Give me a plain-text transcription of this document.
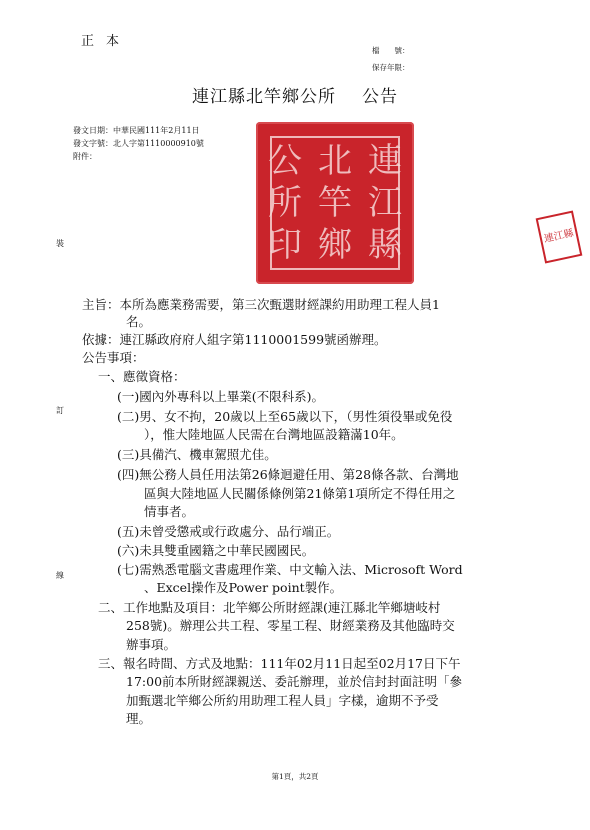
正本
檔　　號：
保存年限：
連江縣北竿鄉公所 公告
發文日期：中華民國111年2月11日
發文字號：北人字第1110000910號
附件：	連
江
縣
北
竿
鄉
公
所
印	連江縣
裝
訂
線
主旨：本所為應業務需要，第三次甄選財經課約用助理工程人員1
名。
依據：連江縣政府府人組字第1110001599號函辦理。
公告事項：
一、應徵資格：
(一)國內外專科以上畢業(不限科系)。
(二)男、女不拘，20歲以上至65歲以下，（男性須役畢或免役
），惟大陸地區人民需在台灣地區設籍滿10年。
(三)具備汽、機車駕照尤佳。
(四)無公務人員任用法第26條迴避任用、第28條各款、台灣地
區與大陸地區人民關係條例第21條第1項所定不得任用之
情事者。
(五)未曾受懲戒或行政處分、品行端正。
(六)未具雙重國籍之中華民國國民。
(七)需熟悉電腦文書處理作業、中文輸入法、Microsoft Word
、Excel操作及Power point製作。
二、工作地點及項目：北竿鄉公所財經課(連江縣北竿鄉塘岐村
258號)。辦理公共工程、零星工程、財經業務及其他臨時交
辦事項。
三、報名時間、方式及地點：111年02月11日起至02月17日下午
17:00前本所財經課親送、委託辦理，並於信封封面註明「參
加甄選北竿鄉公所約用助理工程人員」字樣，逾期不予受
理。
第1頁，共2頁
